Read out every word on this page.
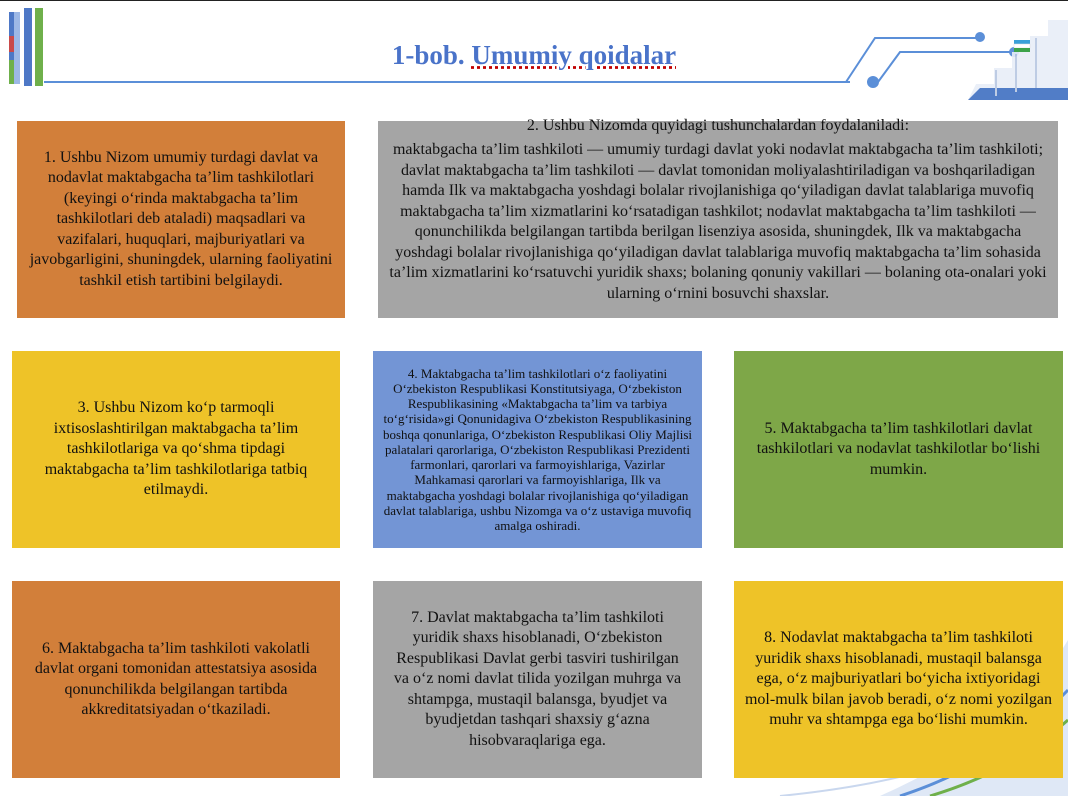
1-bob. Umumiy qoidalar

1. Ushbu Nizom umumiy turdagi davlat va nodavlat maktabgacha ta’lim tashkilotlari (keyingi o‘rinda maktabgacha ta’lim tashkilotlari deb ataladi) maqsadlari va vazifalari, huquqlari, majburiyatlari va javobgarligini, shuningdek, ularning faoliyatini tashkil etish tartibini belgilaydi.

2. Ushbu Nizomda quyidagi tushunchalardan foydalaniladi:

maktabgacha ta’lim tashkiloti — umumiy turdagi davlat yoki nodavlat maktabgacha ta’lim tashkiloti; davlat maktabgacha ta’lim tashkiloti — davlat tomonidan moliyalashtiriladigan va boshqariladigan hamda Ilk va maktabgacha yoshdagi bolalar rivojlanishiga qo‘yiladigan davlat talablariga muvofiq maktabgacha ta’lim xizmatlarini ko‘rsatadigan tashkilot; nodavlat maktabgacha ta’lim tashkiloti — qonunchilikda belgilangan tartibda berilgan lisenziya asosida, shuningdek, Ilk va maktabgacha yoshdagi bolalar rivojlanishiga qo‘yiladigan davlat talablariga muvofiq maktabgacha ta’lim sohasida ta’lim xizmatlarini ko‘rsatuvchi yuridik shaxs; bolaning qonuniy vakillari — bolaning ota-onalari yoki ularning o‘rnini bosuvchi shaxslar.

3. Ushbu Nizom ko‘p tarmoqli ixtisoslashtirilgan maktabgacha ta’lim tashkilotlariga va qo‘shma tipdagi maktabgacha ta’lim tashkilotlariga tatbiq etilmaydi.

4. Maktabgacha ta’lim tashkilotlari o‘z faoliyatini O‘zbekiston Respublikasi Konstitutsiyaga, O‘zbekiston Respublikasining «Maktabgacha ta’lim va tarbiya to‘g‘risida»gi Qonunidagiva O‘zbekiston Respublikasining boshqa qonunlariga, O‘zbekiston Respublikasi Oliy Majlisi palatalari qarorlariga, O‘zbekiston Respublikasi Prezidenti farmonlari, qarorlari va farmoyishlariga, Vazirlar Mahkamasi qarorlari va farmoyishlariga, Ilk va maktabgacha yoshdagi bolalar rivojlanishiga qo‘yiladigan davlat talablariga, ushbu Nizomga va o‘z ustaviga muvofiq amalga oshiradi.

5. Maktabgacha ta’lim tashkilotlari davlat tashkilotlari va nodavlat tashkilotlar bo‘lishi mumkin.

6. Maktabgacha ta’lim tashkiloti vakolatli davlat organi tomonidan attestatsiya asosida qonunchilikda belgilangan tartibda akkreditatsiyadan o‘tkaziladi.

7. Davlat maktabgacha ta’lim tashkiloti yuridik shaxs hisoblanadi, O‘zbekiston Respublikasi Davlat gerbi tasviri tushirilgan va o‘z nomi davlat tilida yozilgan muhrga va shtampga, mustaqil balansga, byudjet va byudjetdan tashqari shaxsiy g‘azna hisobvaraqlariga ega.

8. Nodavlat maktabgacha ta’lim tashkiloti yuridik shaxs hisoblanadi, mustaqil balansga ega, o‘z majburiyatlari bo‘yicha ixtiyoridagi mol-mulk bilan javob beradi, o‘z nomi yozilgan muhr va shtampga ega bo‘lishi mumkin.
